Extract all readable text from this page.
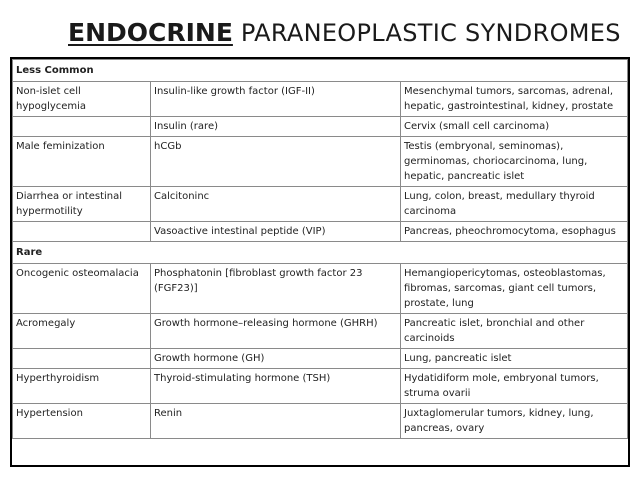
ENDOCRINE PARANEOPLASTIC SYNDROMES
Less Common		
Non-islet cell hypoglycemia	Insulin-like growth factor (IGF-II)	Mesenchymal tumors, sarcomas, adrenal, hepatic, gastrointestinal, kidney, prostate
	Insulin (rare)	Cervix (small cell carcinoma)
Male feminization	hCGb	Testis (embryonal, seminomas), germinomas, choriocarcinoma, lung, hepatic, pancreatic islet
Diarrhea or intestinal hypermotility	Calcitoninc	Lung, colon, breast, medullary thyroid carcinoma
	Vasoactive intestinal peptide (VIP)	Pancreas, pheochromocytoma, esophagus
Rare		
Oncogenic osteomalacia	Phosphatonin [fibroblast growth factor 23 (FGF23)]	Hemangiopericytomas, osteoblastomas, fibromas, sarcomas, giant cell tumors, prostate, lung
Acromegaly	Growth hormone–releasing hormone (GHRH)	Pancreatic islet, bronchial and other carcinoids
	Growth hormone (GH)	Lung, pancreatic islet
Hyperthyroidism	Thyroid-stimulating hormone (TSH)	Hydatidiform mole, embryonal tumors, struma ovarii
Hypertension	Renin	Juxtaglomerular tumors, kidney, lung, pancreas, ovary
